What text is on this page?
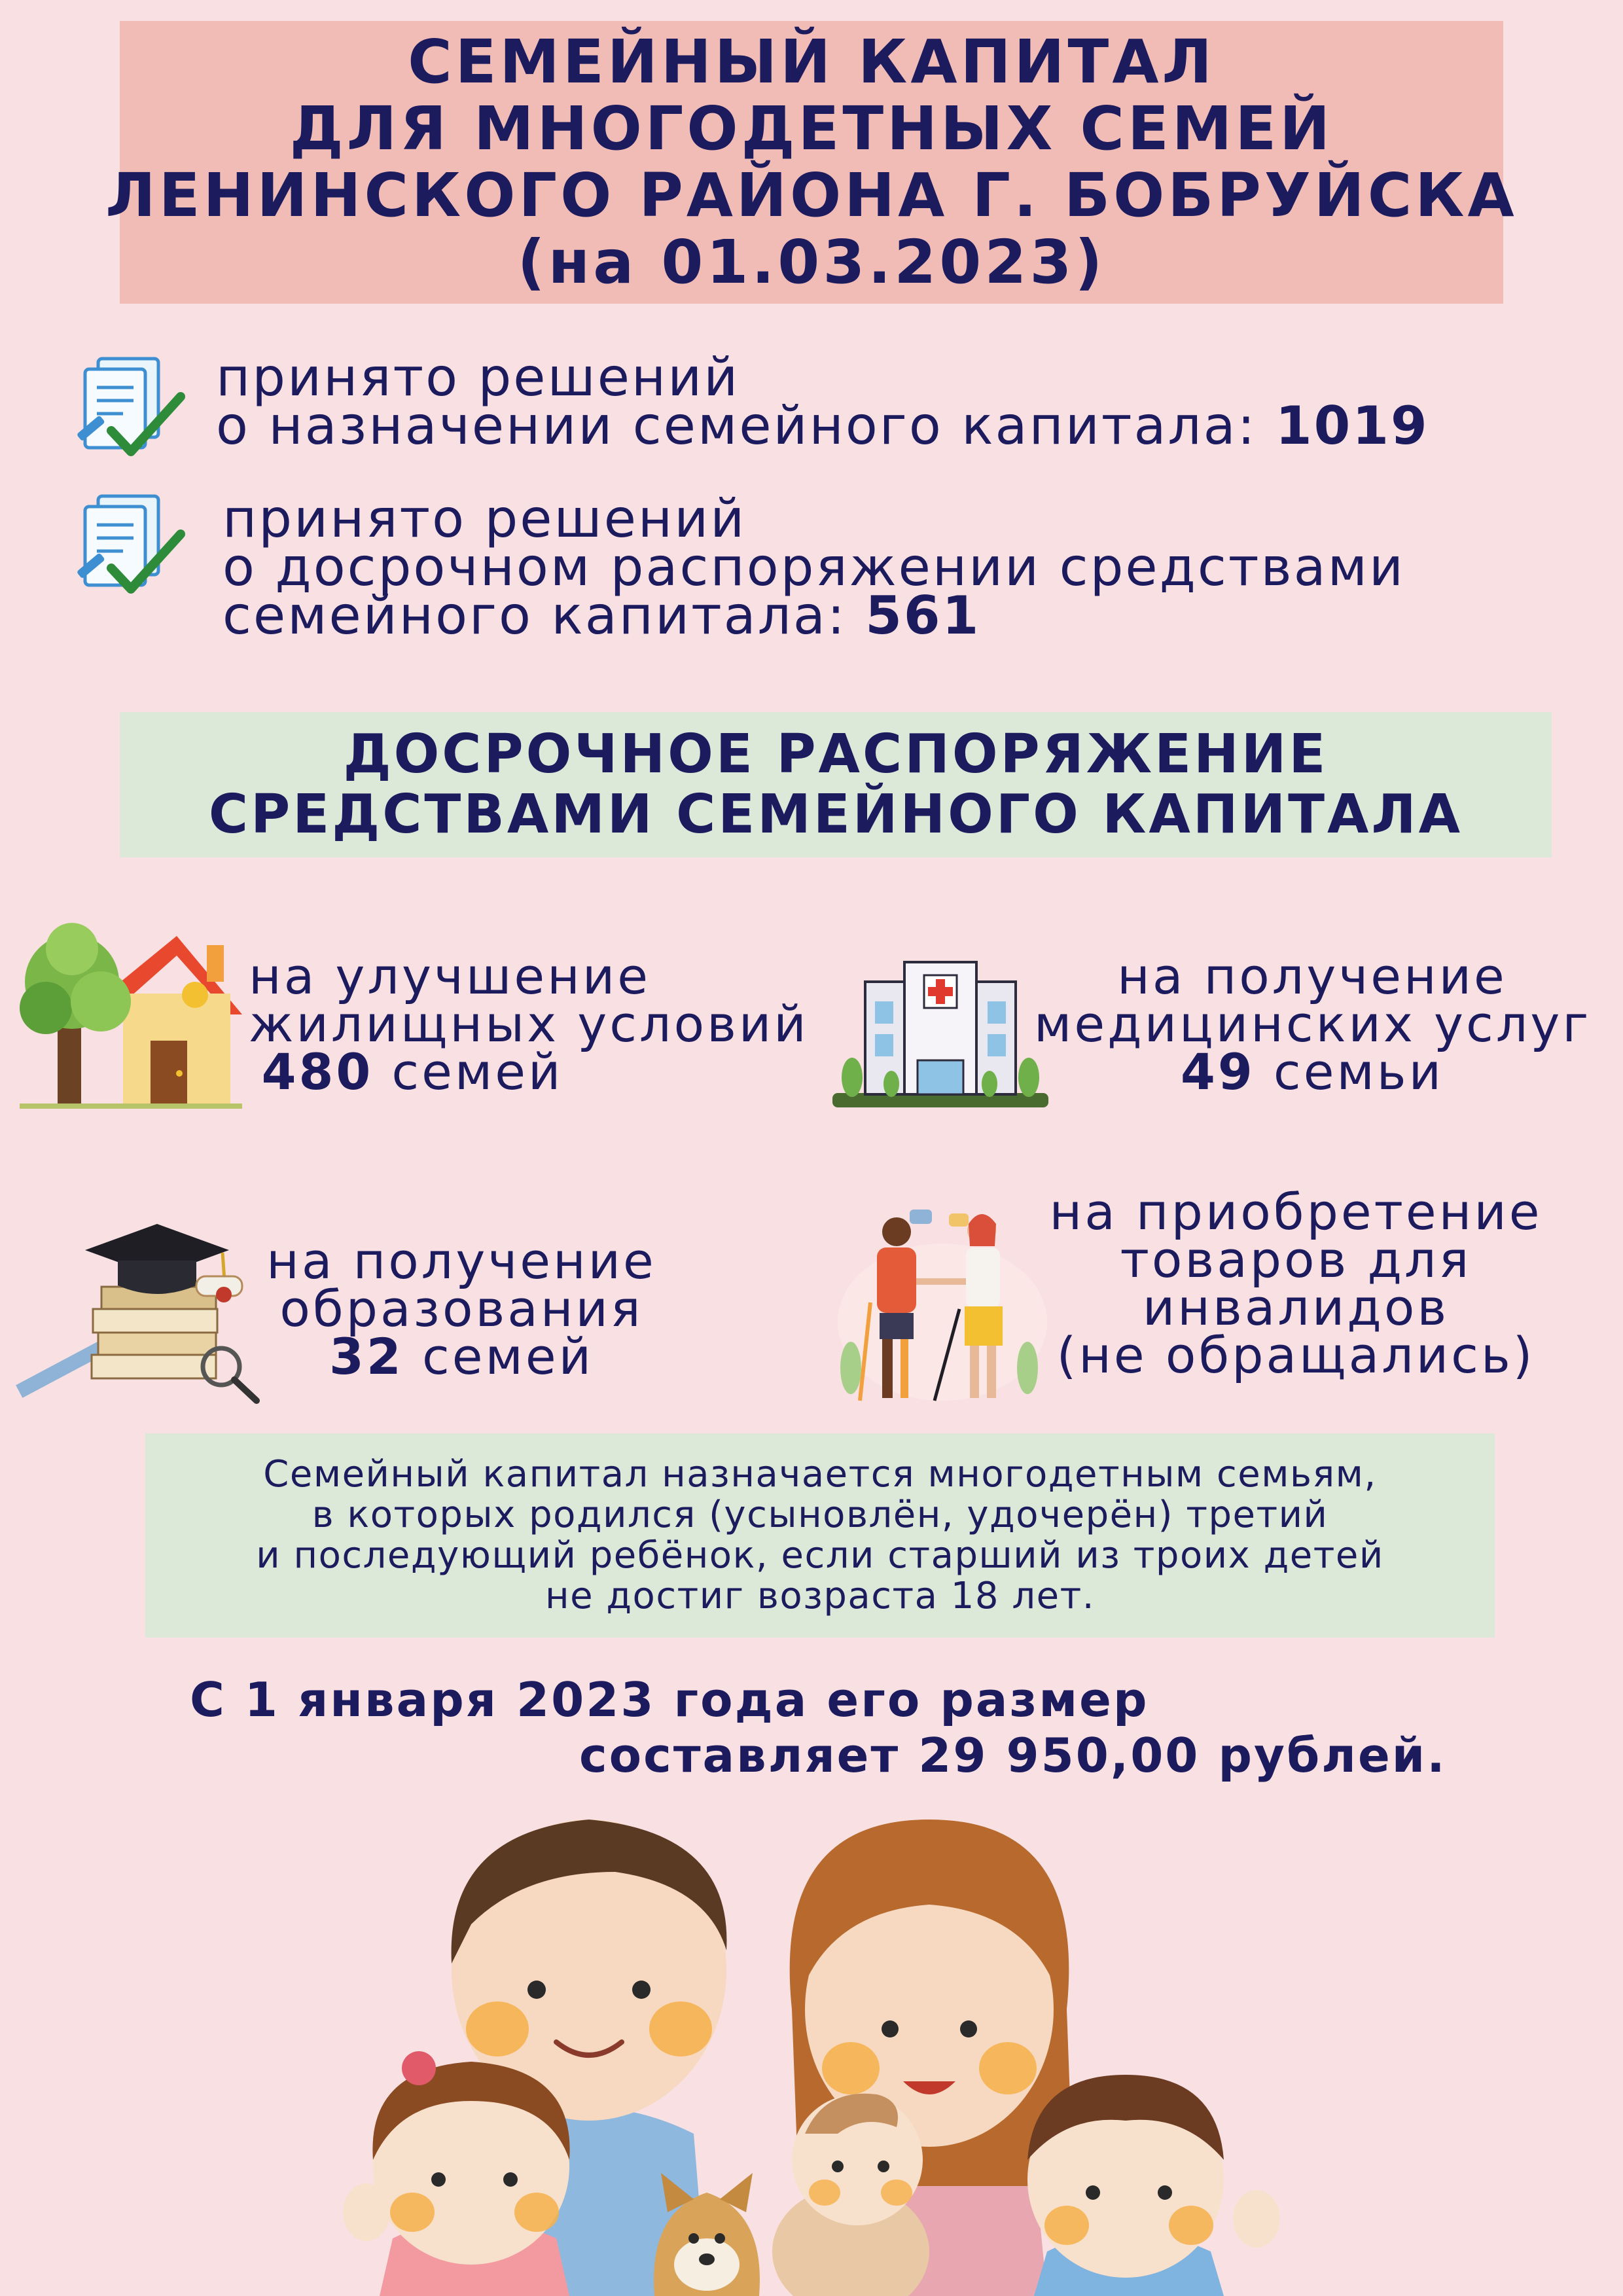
СЕМЕЙНЫЙ КАПИТАЛ
ДЛЯ МНОГОДЕТНЫХ СЕМЕЙ
ЛЕНИНСКОГО РАЙОНА Г. БОБРУЙСКА
(на 01.03.2023)
принято решений
о назначении семейного капитала: 1019
принято решений
о досрочном распоряжении средствами
семейного капитала: 561
ДОСРОЧНОЕ РАСПОРЯЖЕНИЕ
СРЕДСТВАМИ СЕМЕЙНОГО КАПИТАЛА
на улучшение
жилищных условий
480 семей
на получение
медицинских услуг
49 семьи
на получение
образования
32 семей
на приобретение
товаров для
инвалидов
(не обращались)
Семейный капитал назначается многодетным семьям,
в которых родился (усыновлён, удочерён) третий
и последующий ребёнок, если старший из троих детей
не достиг возраста 18 лет.
С 1 января 2023 года его размер
составляет 29 950,00 рублей.
